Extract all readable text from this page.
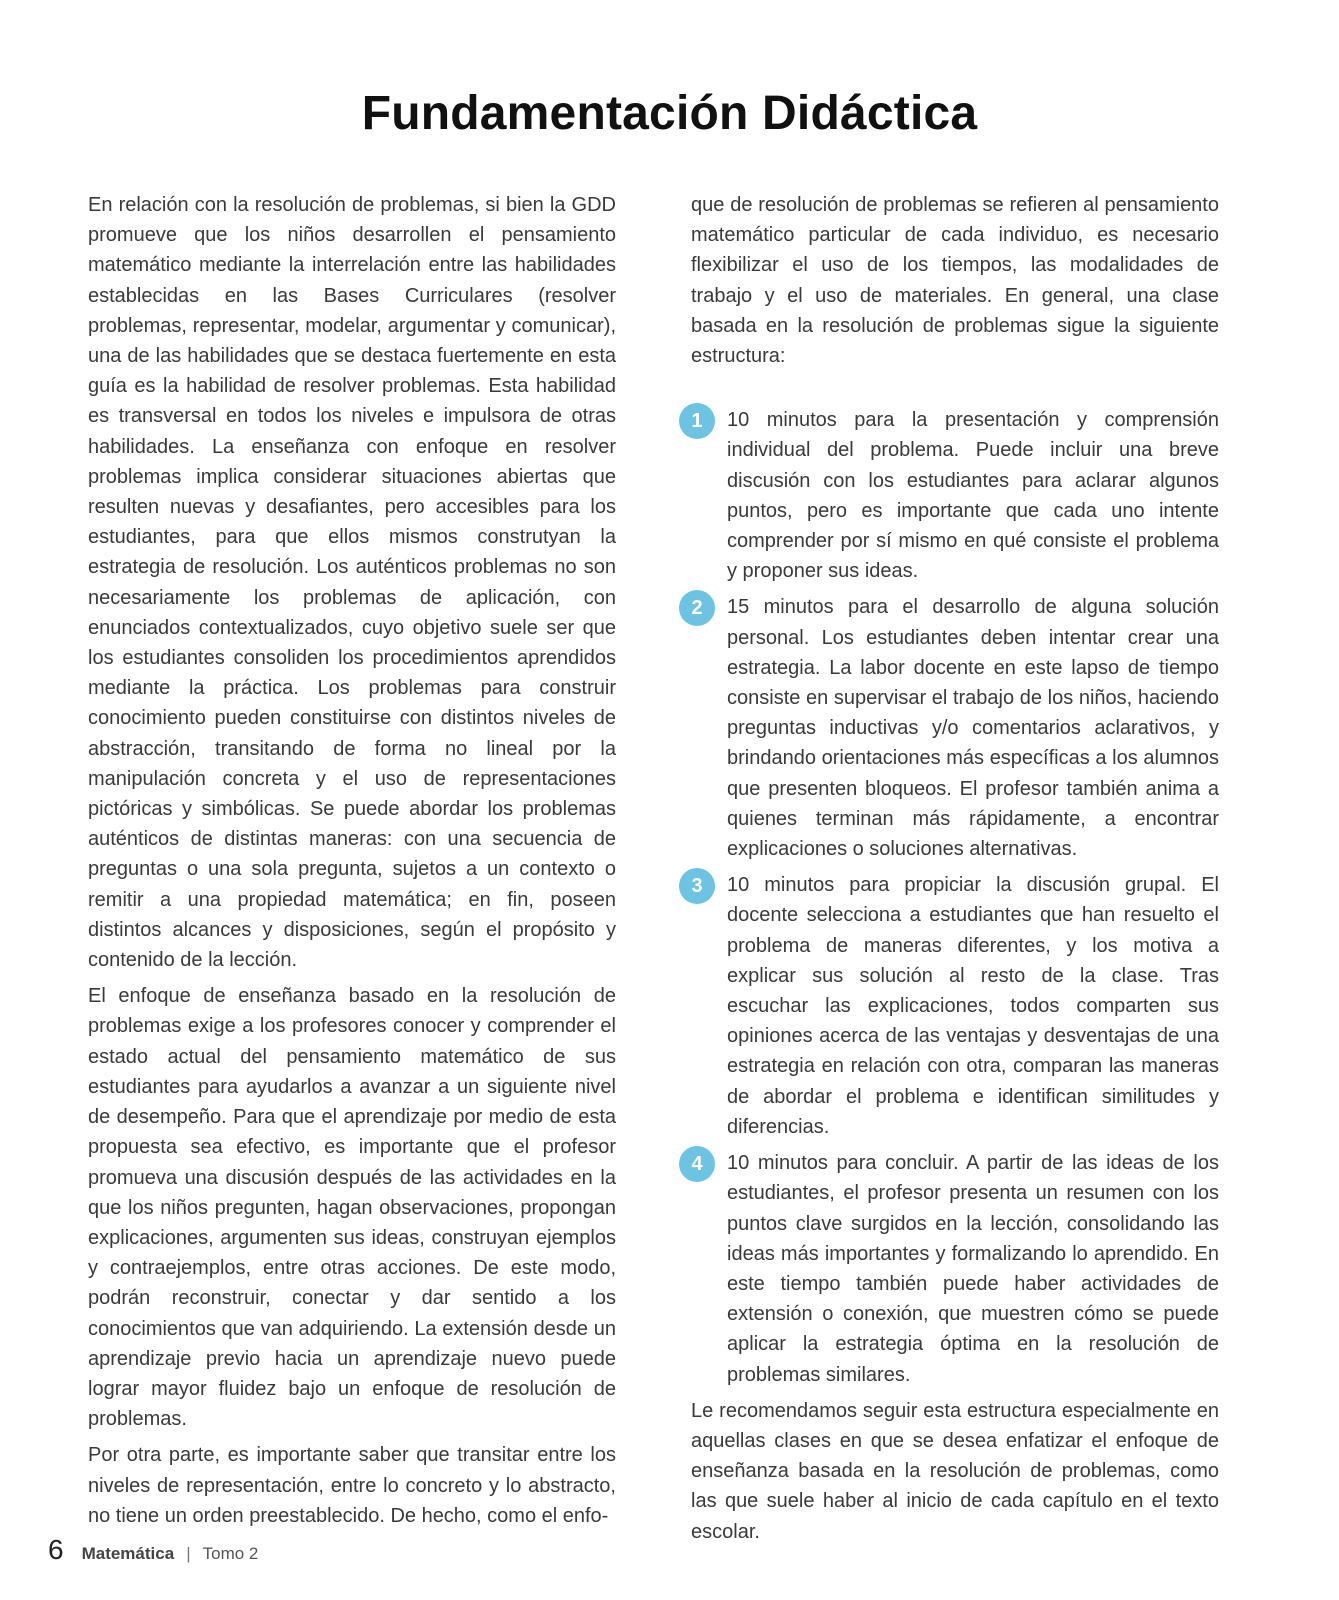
Fundamentación Didáctica

En relación con la resolución de problemas, si bien la GDD promueve que los niños desarrollen el pensamiento matemático mediante la interrelación entre las habilidades establecidas en las Bases Curriculares (resolver problemas, representar, modelar, argumentar y comunicar), una de las habilidades que se destaca fuertemente en esta guía es la habilidad de resolver problemas. Esta habilidad es transversal en todos los niveles e impulsora de otras habilidades. La enseñanza con enfoque en resolver problemas implica considerar situaciones abiertas que resulten nuevas y desafiantes, pero accesibles para los estudiantes, para que ellos mismos construtyan la estrategia de resolución. Los auténticos problemas no son necesariamente los problemas de aplicación, con enunciados contextualizados, cuyo objetivo suele ser que los estudiantes consoliden los procedimientos aprendidos mediante la práctica. Los problemas para construir conocimiento pueden constituirse con distintos niveles de abstracción, transitando de forma no lineal por la manipulación concreta y el uso de representaciones pictóricas y simbólicas. Se puede abordar los problemas auténticos de distintas maneras: con una secuencia de preguntas o una sola pregunta, sujetos a un contexto o remitir a una propiedad matemática; en fin, poseen distintos alcances y disposiciones, según el propósito y contenido de la lección.

El enfoque de enseñanza basado en la resolución de problemas exige a los profesores conocer y comprender el estado actual del pensamiento matemático de sus estudiantes para ayudarlos a avanzar a un siguiente nivel de desempeño. Para que el aprendizaje por medio de esta propuesta sea efectivo, es importante que el profesor promueva una discusión después de las actividades en la que los niños pregunten, hagan observaciones, propongan explicaciones, argumenten sus ideas, construyan ejemplos y contraejemplos, entre otras acciones. De este modo, podrán reconstruir, conectar y dar sentido a los conocimientos que van adquiriendo. La extensión desde un aprendizaje previo hacia un aprendizaje nuevo puede lograr mayor fluidez bajo un enfoque de resolución de problemas.

Por otra parte, es importante saber que transitar entre los niveles de representación, entre lo concreto y lo abstracto, no tiene un orden preestablecido. De hecho, como el enfo-

que de resolución de problemas se refieren al pensamiento matemático particular de cada individuo, es necesario flexibilizar el uso de los tiempos, las modalidades de trabajo y el uso de materiales. En general, una clase basada en la resolución de problemas sigue la siguiente estructura:

1	10 minutos para la presentación y comprensión individual del problema. Puede incluir una breve discusión con los estudiantes para aclarar algunos puntos, pero es importante que cada uno intente comprender por sí mismo en qué consiste el problema y proponer sus ideas.

2	15 minutos para el desarrollo de alguna solución personal. Los estudiantes deben intentar crear una estrategia. La labor docente en este lapso de tiempo consiste en supervisar el trabajo de los niños, haciendo preguntas inductivas y/o comentarios aclarativos, y brindando orientaciones más específicas a los alumnos que presenten bloqueos. El profesor también anima a quienes terminan más rápidamente, a encontrar explicaciones o soluciones alternativas.

3	10 minutos para propiciar la discusión grupal. El docente selecciona a estudiantes que han resuelto el problema de maneras diferentes, y los motiva a explicar sus solución al resto de la clase. Tras escuchar las explicaciones, todos comparten sus opiniones acerca de las ventajas y desventajas de una estrategia en relación con otra, comparan las maneras de abordar el problema e identifican similitudes y diferencias.

4	10 minutos para concluir. A partir de las ideas de los estudiantes, el profesor presenta un resumen con los puntos clave surgidos en la lección, consolidando las ideas más importantes y formalizando lo aprendido. En este tiempo también puede haber actividades de extensión o conexión, que muestren cómo se puede aplicar la estrategia óptima en la resolución de problemas similares.

Le recomendamos seguir esta estructura especialmente en aquellas clases en que se desea enfatizar el enfoque de enseñanza basada en la resolución de problemas, como las que suele haber al inicio de cada capítulo en el texto escolar.

6 Matemática | Tomo 2
